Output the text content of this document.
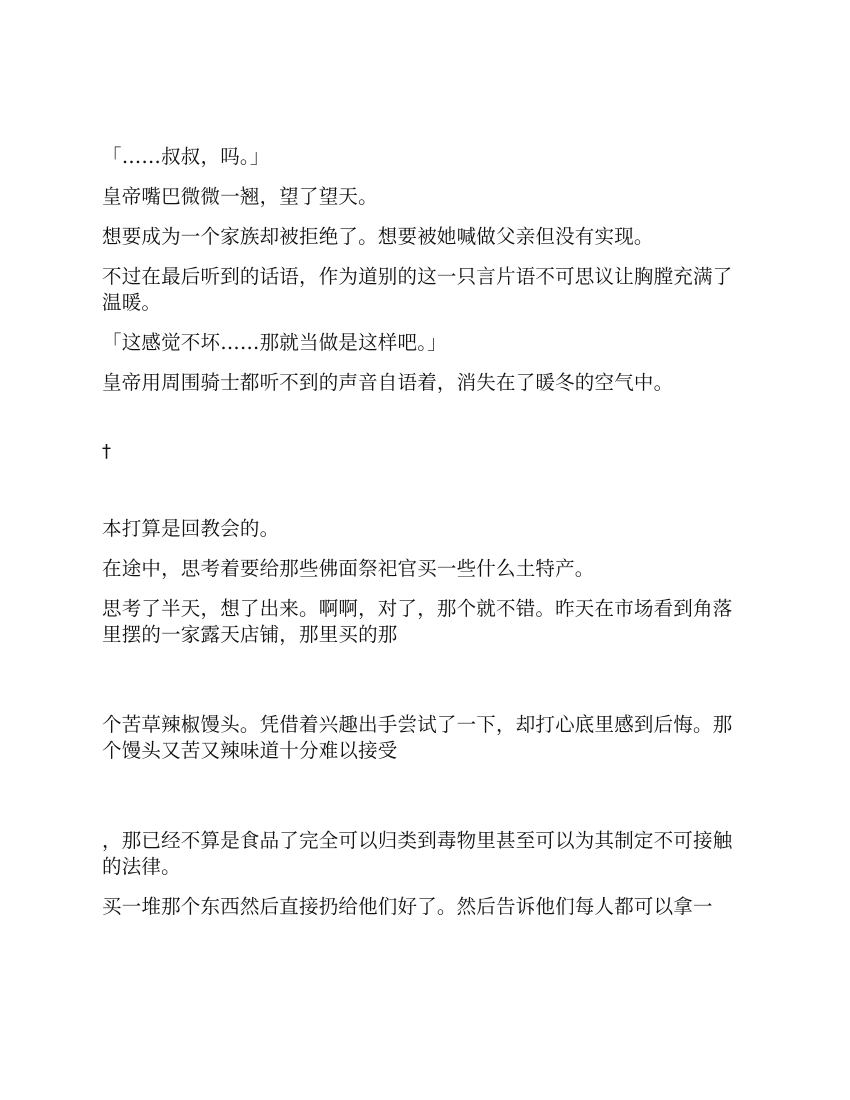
「……叔叔，吗。」

皇帝嘴巴微微一翘，望了望天。

想要成为一个家族却被拒绝了。想要被她喊做父亲但没有实现。

不过在最后听到的话语，作为道别的这一只言片语不可思议让胸膛充满了温暖。

「这感觉不坏……那就当做是这样吧。」

皇帝用周围骑士都听不到的声音自语着，消失在了暖冬的空气中。

†

本打算是回教会的。

在途中，思考着要给那些佛面祭祀官买一些什么土特产。

思考了半天，想了出来。啊啊，对了，那个就不错。昨天在市场看到角落里摆的一家露天店铺，那里买的那

个苦草辣椒馒头。凭借着兴趣出手尝试了一下，却打心底里感到后悔。那个馒头又苦又辣味道十分难以接受

，那已经不算是食品了完全可以归类到毒物里甚至可以为其制定不可接触的法律。

买一堆那个东西然后直接扔给他们好了。然后告诉他们每人都可以拿一
